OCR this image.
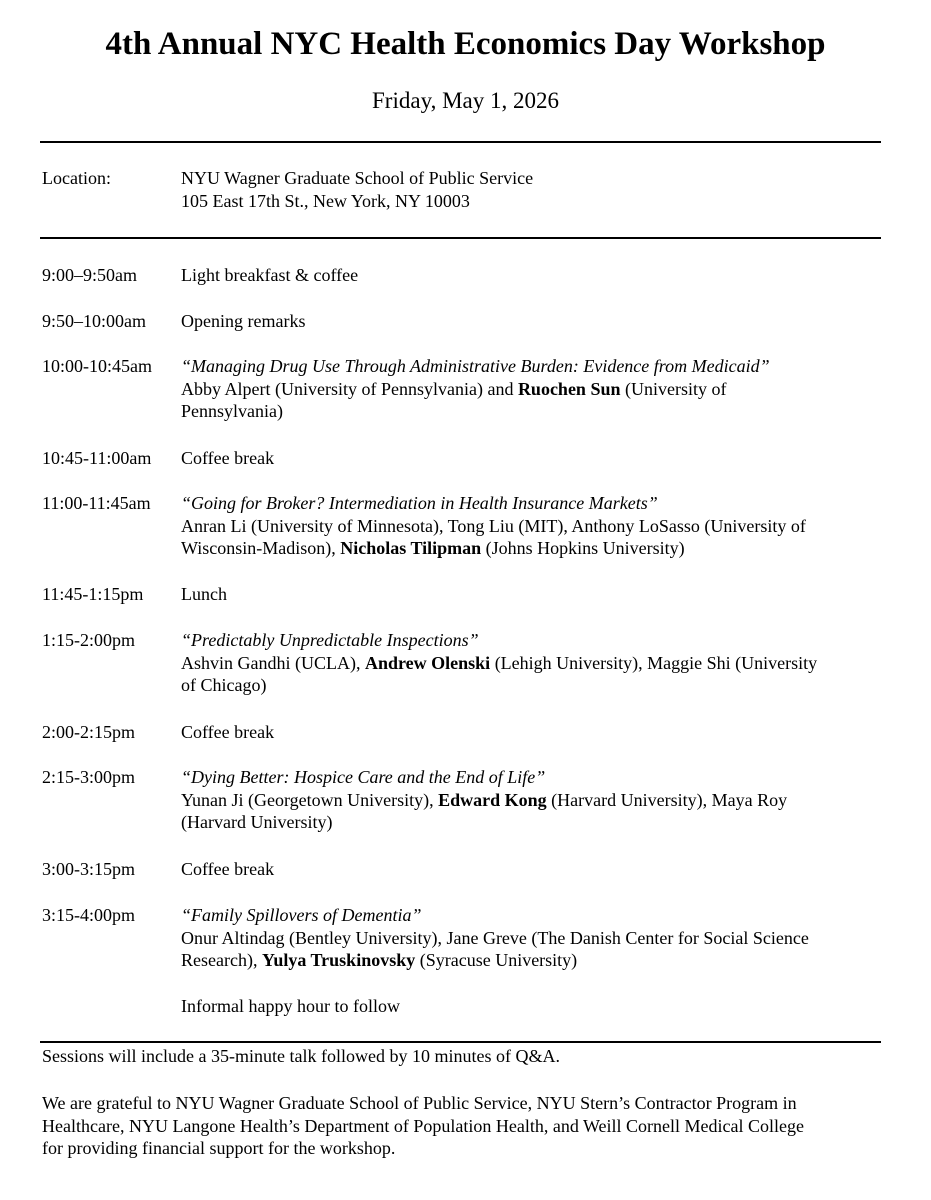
4th Annual NYC Health Economics Day Workshop
Friday, May 1, 2026
Location:	NYU Wagner Graduate School of Public Service
105 East 17th St., New York, NY 10003
9:00–9:50am	Light breakfast & coffee
9:50–10:00am	Opening remarks
10:00-10:45am	“Managing Drug Use Through Administrative Burden: Evidence from Medicaid”
Abby Alpert (University of Pennsylvania) and Ruochen Sun (University of
Pennsylvania)
10:45-11:00am	Coffee break
11:00-11:45am	“Going for Broker? Intermediation in Health Insurance Markets”
Anran Li (University of Minnesota), Tong Liu (MIT), Anthony LoSasso (University of
Wisconsin-Madison), Nicholas Tilipman (Johns Hopkins University)
11:45-1:15pm	Lunch
1:15-2:00pm	“Predictably Unpredictable Inspections”
Ashvin Gandhi (UCLA), Andrew Olenski (Lehigh University), Maggie Shi (University
of Chicago)
2:00-2:15pm	Coffee break
2:15-3:00pm	“Dying Better: Hospice Care and the End of Life”
Yunan Ji (Georgetown University), Edward Kong (Harvard University), Maya Roy
(Harvard University)
3:00-3:15pm	Coffee break
3:15-4:00pm	“Family Spillovers of Dementia”
Onur Altindag (Bentley University), Jane Greve (The Danish Center for Social Science
Research), Yulya Truskinovsky (Syracuse University)
Informal happy hour to follow
Sessions will include a 35-minute talk followed by 10 minutes of Q&A.
We are grateful to NYU Wagner Graduate School of Public Service, NYU Stern’s Contractor Program in
Healthcare, NYU Langone Health’s Department of Population Health, and Weill Cornell Medical College
for providing financial support for the workshop.
